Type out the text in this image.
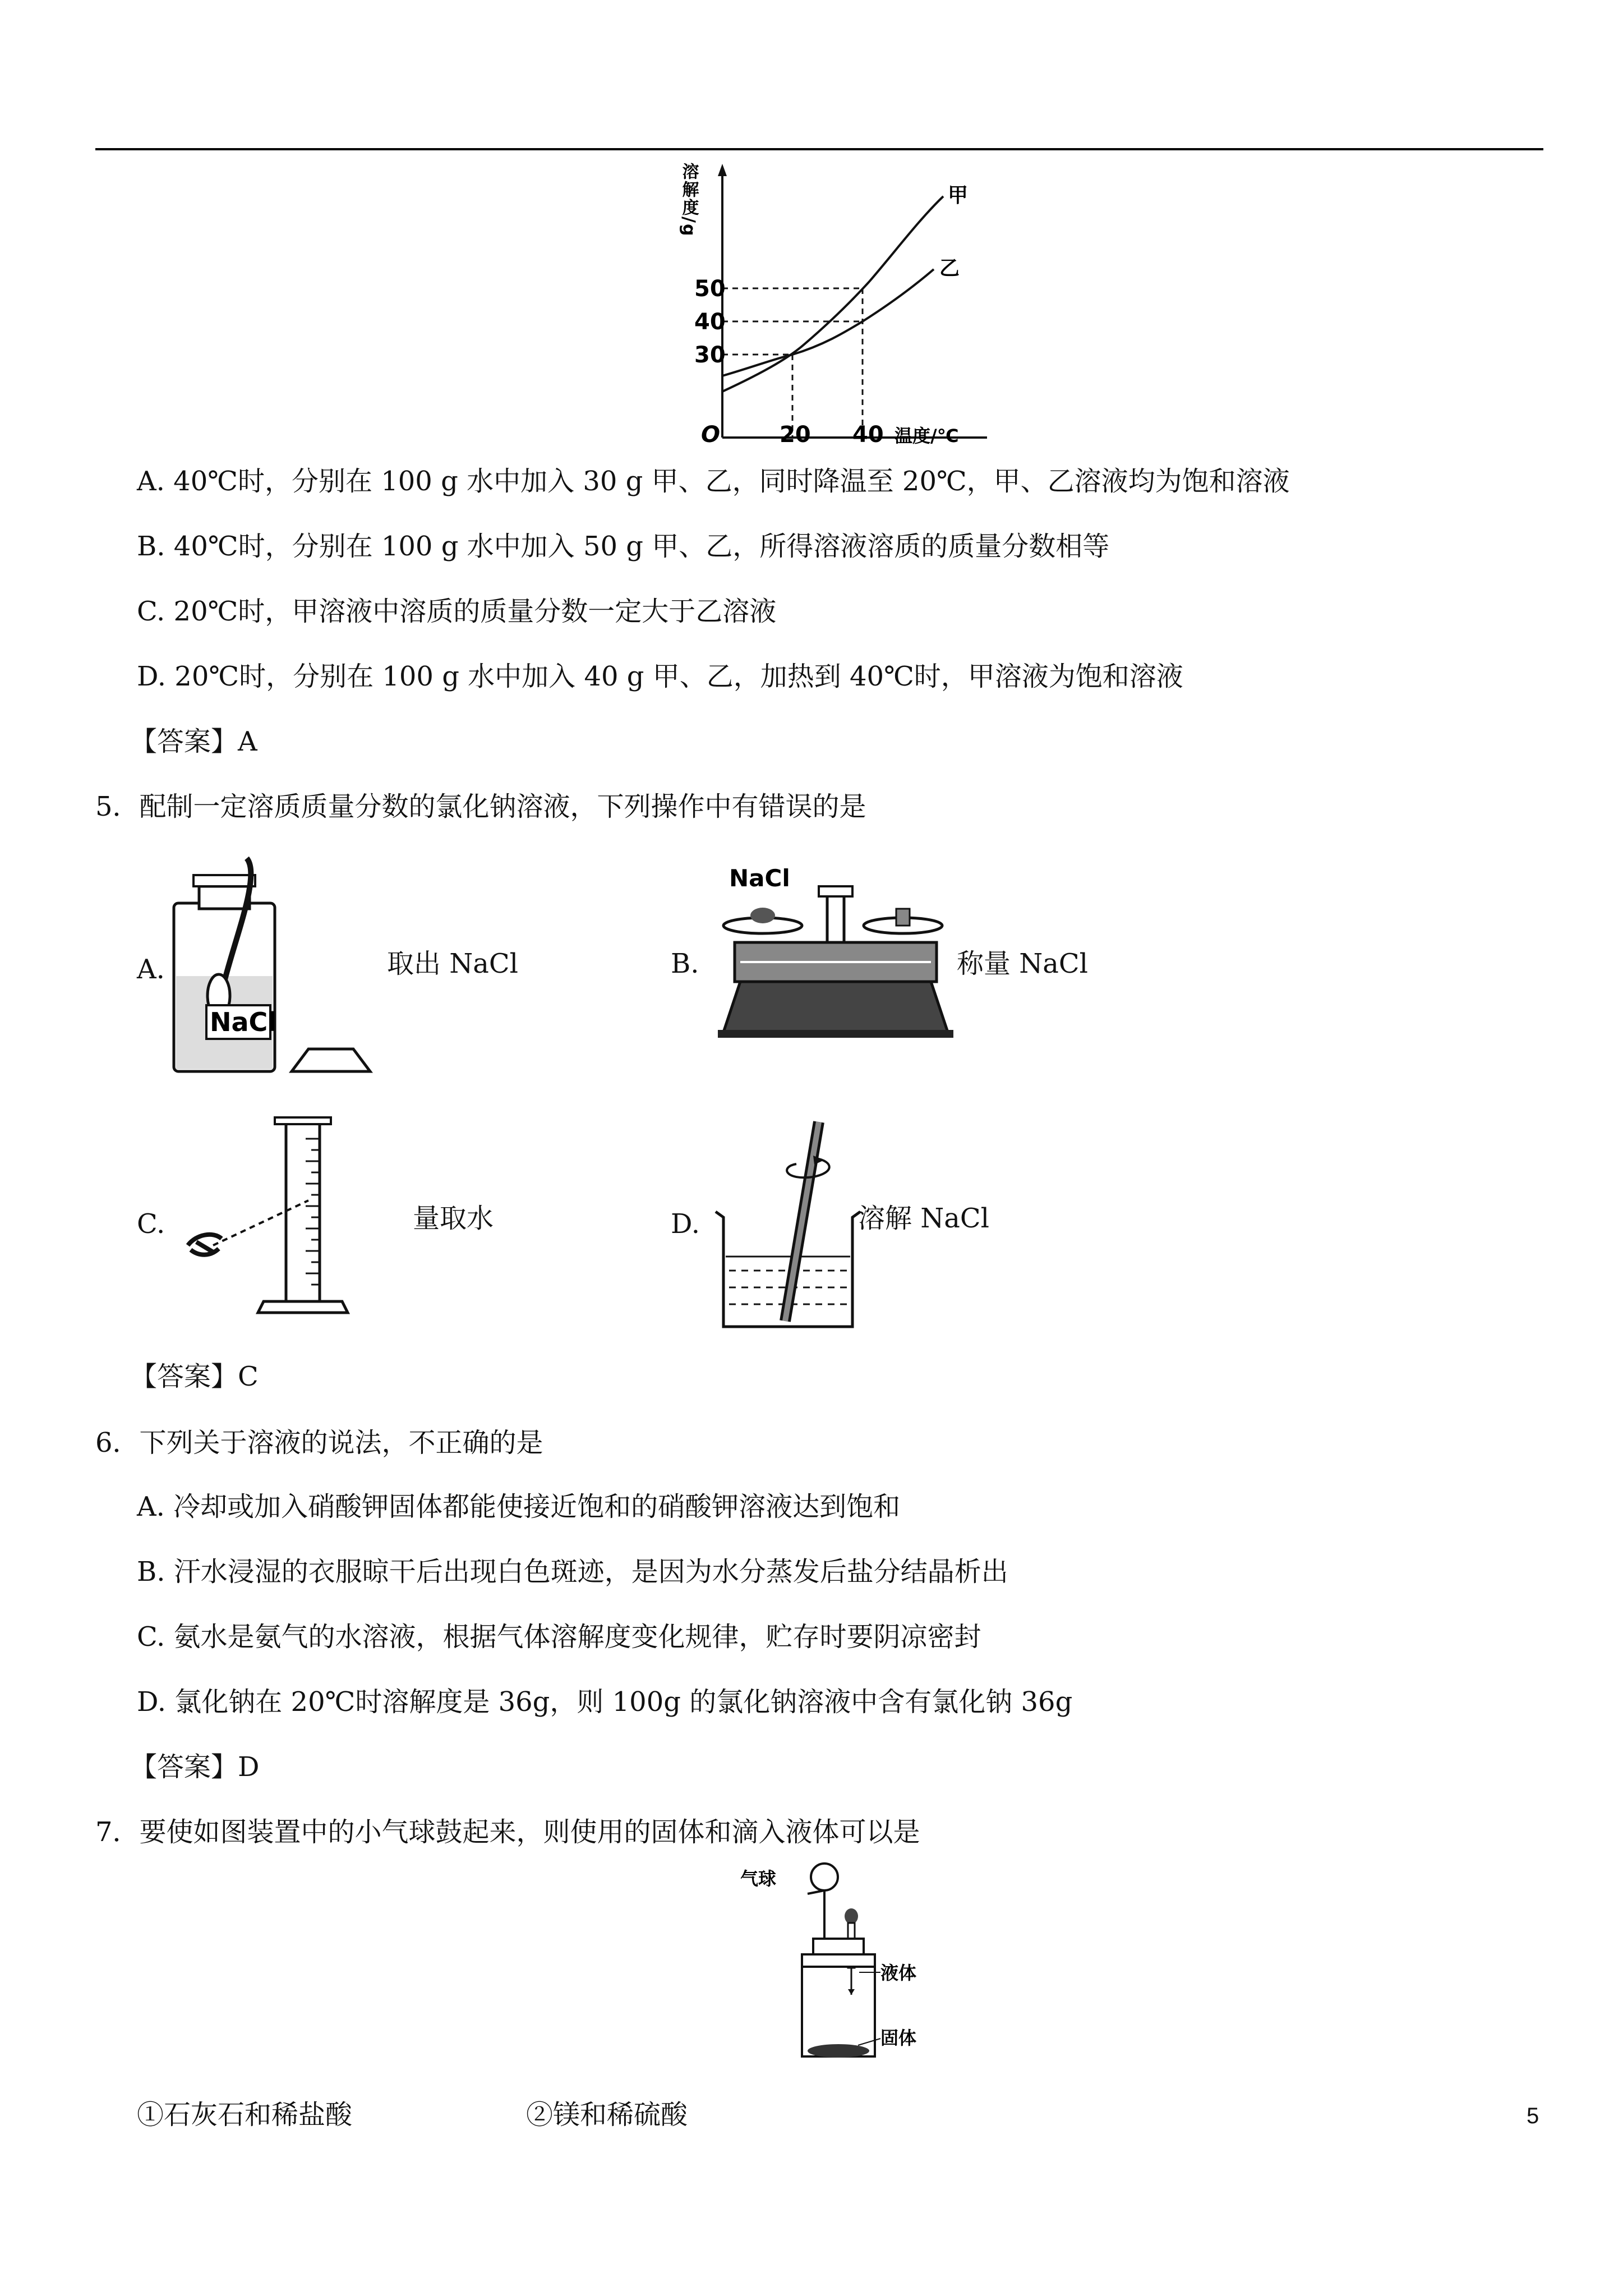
溶解度/g
50
40
30
O	20 40 温度/℃
甲
乙
A. 40℃时，分别在 100 g 水中加入 30 g 甲、乙，同时降温至 20℃，甲、乙溶液均为饱和溶液
B. 40℃时，分别在 100 g 水中加入 50 g 甲、乙，所得溶液溶质的质量分数相等
C. 20℃时，甲溶液中溶质的质量分数一定大于乙溶液
D. 20℃时，分别在 100 g 水中加入 40 g 甲、乙，加热到 40℃时，甲溶液为饱和溶液
【答案】A
5．配制一定溶质质量分数的氯化钠溶液，下列操作中有错误的是
A.
NaCl
取出 NaCl	B.
NaCl
称量 NaCl
C.	量取水	D.	溶解 NaCl
【答案】C
6．下列关于溶液的说法，不正确的是
A. 冷却或加入硝酸钾固体都能使接近饱和的硝酸钾溶液达到饱和
B. 汗水浸湿的衣服晾干后出现白色斑迹，是因为水分蒸发后盐分结晶析出
C. 氨水是氨气的水溶液，根据气体溶解度变化规律，贮存时要阴凉密封
D. 氯化钠在 20℃时溶解度是 36g，则 100g 的氯化钠溶液中含有氯化钠 36g
【答案】D
7．要使如图装置中的小气球鼓起来，则使用的固体和滴入液体可以是
气球
液体
固体
①石灰石和稀盐酸	②镁和稀硫酸	5
